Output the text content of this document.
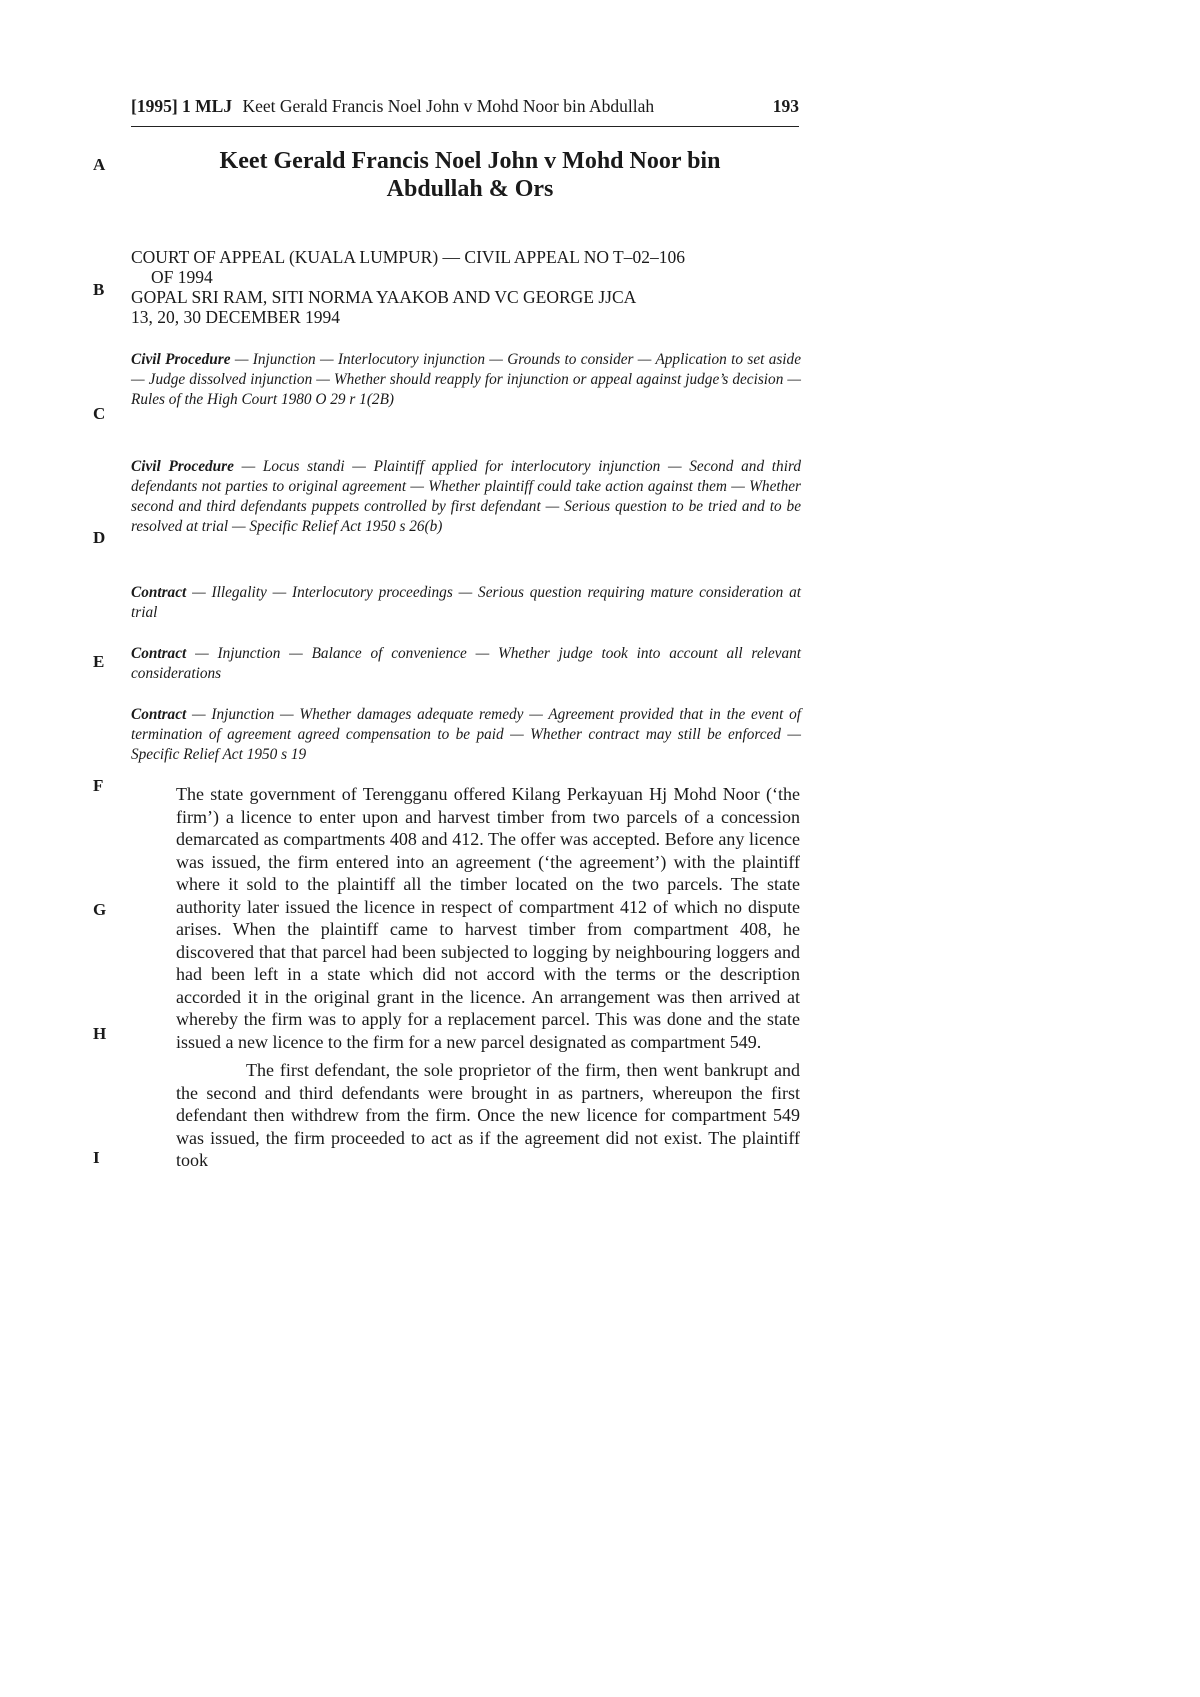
[1995] 1 MLJ Keet Gerald Francis Noel John v Mohd Noor bin Abdullah	193
A
B
C
D
E
F
G
H
I
Keet Gerald Francis Noel John v Mohd Noor bin
Abdullah & Ors
COURT OF APPEAL (KUALA LUMPUR) — CIVIL APPEAL NO T–02–106
OF 1994
GOPAL SRI RAM, SITI NORMA YAAKOB AND VC GEORGE JJCA
13, 20, 30 DECEMBER 1994
Civil Procedure — Injunction — Interlocutory injunction — Grounds to consider — Application to set aside — Judge dissolved injunction — Whether should reapply for injunction or appeal against judge’s decision — Rules of the High Court 1980 O 29 r 1(2B)
Civil Procedure — Locus standi — Plaintiff applied for interlocutory injunction — Second and third defendants not parties to original agreement — Whether plaintiff could take action against them — Whether second and third defendants puppets controlled by first defendant — Serious question to be tried and to be resolved at trial — Specific Relief Act 1950 s 26(b)
Contract — Illegality — Interlocutory proceedings — Serious question requiring mature consideration at trial
Contract — Injunction — Balance of convenience — Whether judge took into account all relevant considerations
Contract — Injunction — Whether damages adequate remedy — Agreement provided that in the event of termination of agreement agreed compensation to be paid — Whether contract may still be enforced — Specific Relief Act 1950 s 19

The state government of Terengganu offered Kilang Perkayuan Hj Mohd Noor (‘the firm’) a licence to enter upon and harvest timber from two parcels of a concession demarcated as compartments 408 and 412. The offer was accepted. Before any licence was issued, the firm entered into an agreement (‘the agreement’) with the plaintiff where it sold to the plaintiff all the timber located on the two parcels. The state authority later issued the licence in respect of compartment 412 of which no dispute arises. When the plaintiff came to harvest timber from compartment 408, he discovered that that parcel had been subjected to logging by neighbouring loggers and had been left in a state which did not accord with the terms or the description accorded it in the original grant in the licence. An arrangement was then arrived at whereby the firm was to apply for a replacement parcel. This was done and the state issued a new licence to the firm for a new parcel designated as compartment 549.

The first defendant, the sole proprietor of the firm, then went bankrupt and the second and third defendants were brought in as partners, whereupon the first defendant then withdrew from the firm. Once the new licence for compartment 549 was issued, the firm proceeded to act as if the agreement did not exist. The plaintiff took
